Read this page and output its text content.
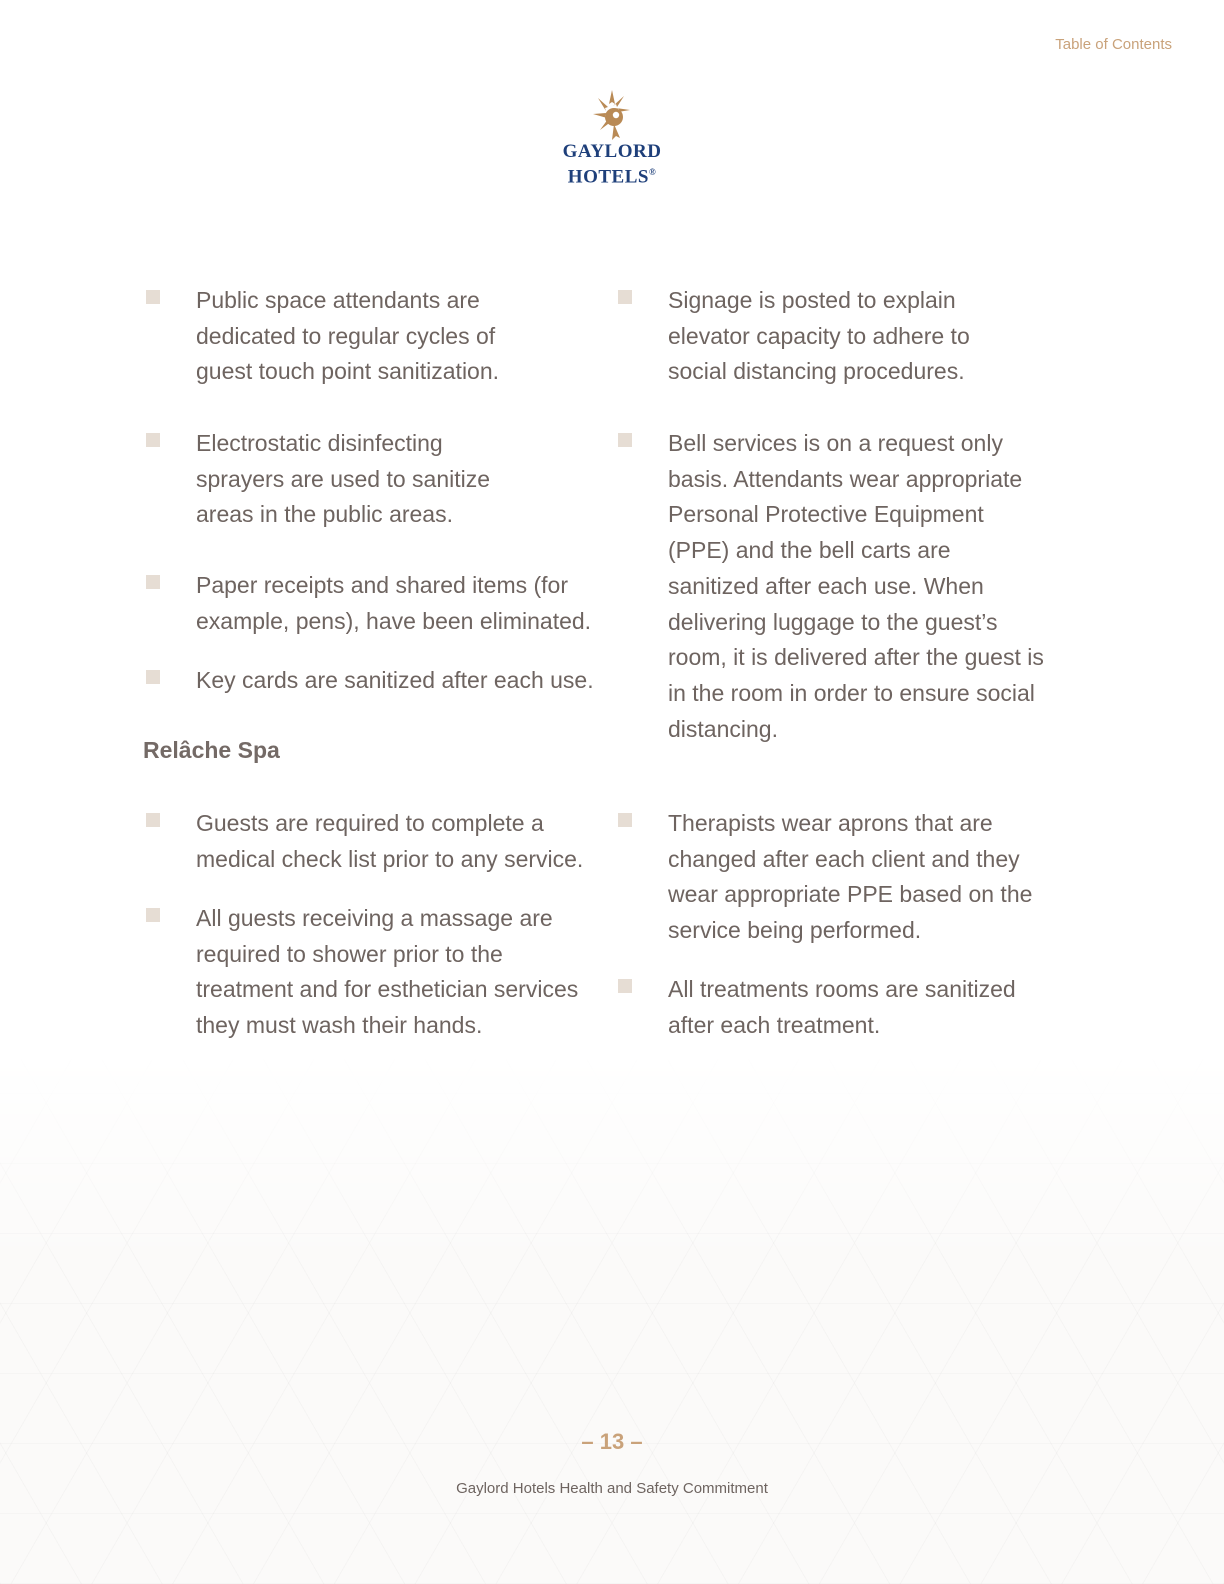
Table of Contents
GAYLORD
HOTELS®
Public space attendants are dedicated to regular cycles of guest touch point sanitization.
Electrostatic disinfecting sprayers are used to sanitize areas in the public areas.
Paper receipts and shared items (for example, pens), have been eliminated.
Key cards are sanitized after each use.
Signage is posted to explain elevator capacity to adhere to social distancing procedures.
Bell services is on a request only basis. Attendants wear appropriate Personal Protective Equipment (PPE) and the bell carts are sanitized after each use. When delivering luggage to the guest’s room, it is delivered after the guest is in the room in order to ensure social distancing.
Relâche Spa
Guests are required to complete a medical check list prior to any service.
All guests receiving a massage are required to shower prior to the treatment and for esthetician services they must wash their hands.
Therapists wear aprons that are changed after each client and they wear appropriate PPE based on the service being performed.
All treatments rooms are sanitized after each treatment.
– 13 –
Gaylord Hotels Health and Safety Commitment
